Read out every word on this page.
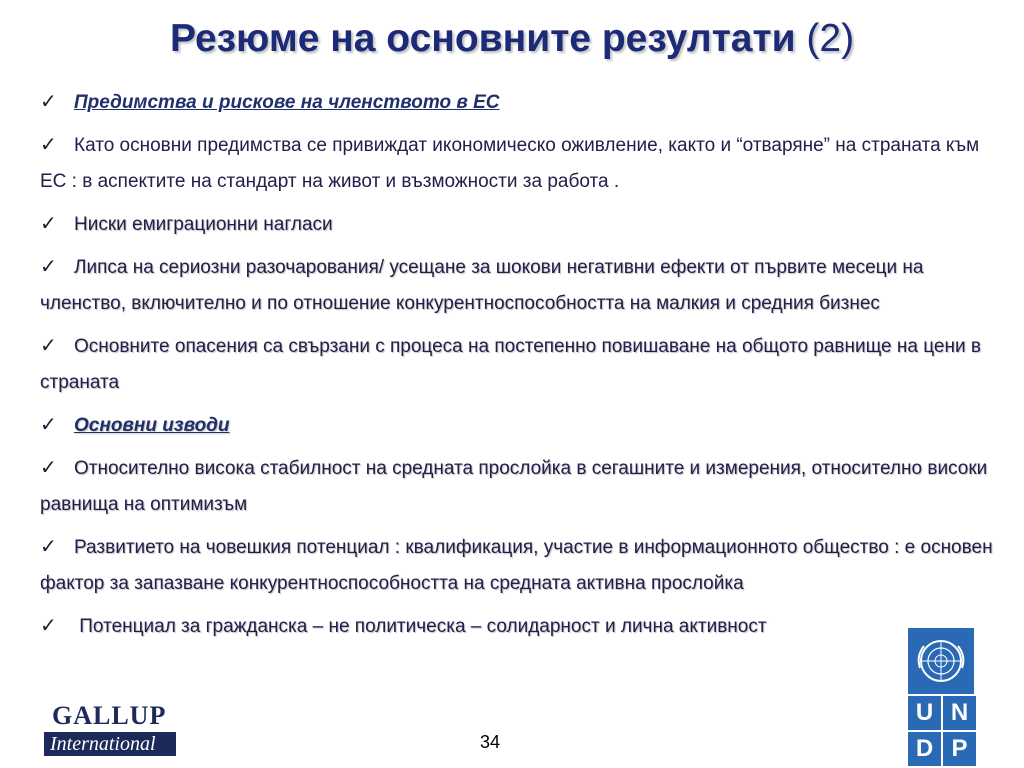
Резюме на основните резултати (2)
✓ Предимства и рискове на членството в ЕС
✓ Като основни предимства се привиждат икономическо оживление, както и “отваряне” на страната към ЕС : в аспектите на стандарт на живот и възможности за работа .
✓ Ниски емиграционни нагласи
✓ Липса на сериозни разочарования/ усещане за шокови негативни ефекти от първите месеци на членство, включително и по отношение конкурентноспособността на малкия и средния бизнес
✓ Основните опасения са свързани с процеса на постепенно повишаване на общото равнище на цени в страната
✓ Основни изводи
✓ Относително висока стабилност на средната прослойка в сегашните и измерения, относително високи равнища на оптимизъм
✓ Развитието на човешкия потенциал : квалификация, участие в информационното общество : е основен фактор за запазване конкурентноспособността на средната активна прослойка
✓ Потенциал за гражданска – не политическа – солидарност и лична активност
GALLUP
International	34
U N
D P
